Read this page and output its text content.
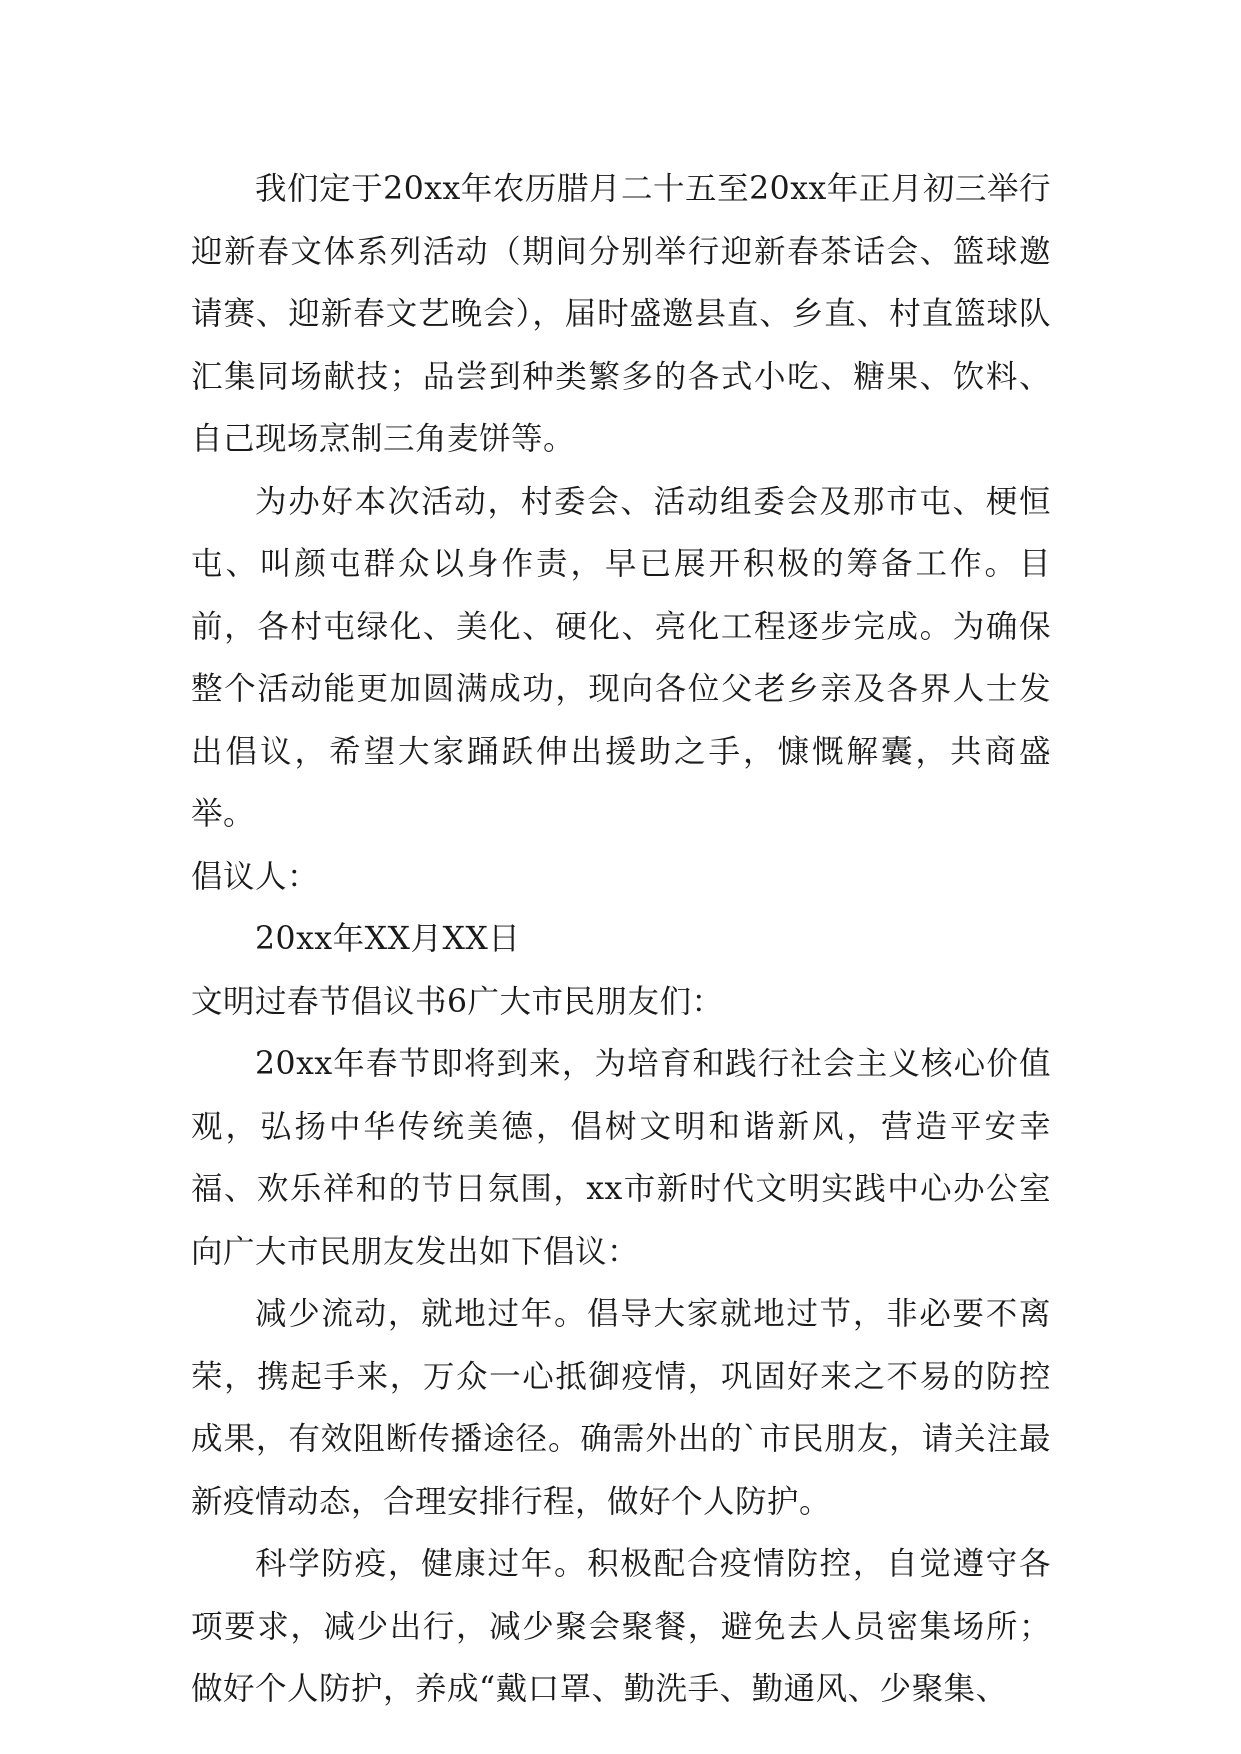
我们定于20xx年农历腊月二十五至20xx年正月初三举行迎新春文体系列活动（期间分别举行迎新春茶话会、篮球邀请赛、迎新春文艺晚会），届时盛邀县直、乡直、村直篮球队汇集同场献技；品尝到种类繁多的各式小吃、糖果、饮料、自己现场烹制三角麦饼等。

为办好本次活动，村委会、活动组委会及那市屯、梗恒屯、叫颜屯群众以身作责，早已展开积极的筹备工作。目前，各村屯绿化、美化、硬化、亮化工程逐步完成。为确保整个活动能更加圆满成功，现向各位父老乡亲及各界人士发出倡议，希望大家踊跃伸出援助之手，慷慨解囊，共商盛举。

倡议人：

20xx年XX月XX日

文明过春节倡议书6广大市民朋友们：

20xx年春节即将到来，为培育和践行社会主义核心价值观，弘扬中华传统美德，倡树文明和谐新风，营造平安幸福、欢乐祥和的节日氛围，xx市新时代文明实践中心办公室向广大市民朋友发出如下倡议：

减少流动，就地过年。倡导大家就地过节，非必要不离荣，携起手来，万众一心抵御疫情，巩固好来之不易的防控成果，有效阻断传播途径。确需外出的`市民朋友，请关注最新疫情动态，合理安排行程，做好个人防护。

科学防疫，健康过年。积极配合疫情防控，自觉遵守各项要求，减少出行，减少聚会聚餐，避免去人员密集场所；做好个人防护，养成“戴口罩、勤洗手、勤通风、少聚集、
